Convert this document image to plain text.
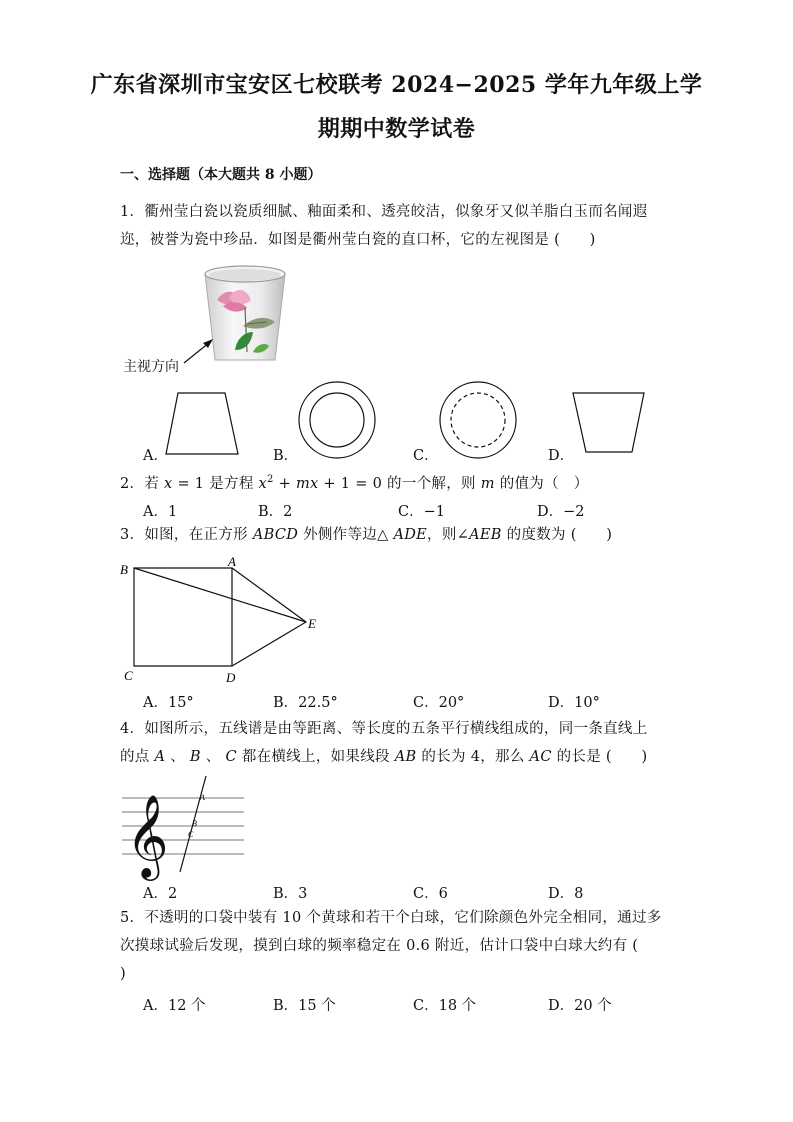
广东省深圳市宝安区七校联考 2024−2025 学年九年级上学
期期中数学试卷
一、选择题（本大题共 8 小题）
1．衢州莹白瓷以瓷质细腻、釉面柔和、透亮皎洁，似象牙又似羊脂白玉而名闻遐
迩，被誉为瓷中珍品．如图是衢州莹白瓷的直口杯，它的左视图是 (　　)
主视方向
A．	B．	C．	D．
2．若 x = 1 是方程 $x^2$ + mx + 1 = 0 的一个解，则 m 的值为（　）
A．1	B．2	C．−1	D．−2
3．如图，在正方形 ABCD 外侧作等边△ ADE，则∠AEB 的度数为 (　　)
B
A
E
C	D
A．15°	B．22.5°	C．20°	D．10°
4．如图所示，五线谱是由等距离、等长度的五条平行横线组成的，同一条直线上
的点 A 、 B 、 C 都在横线上，如果线段 AB 的长为 4，那么 AC 的长是 (　　)
𝄞	A
B
C
A．2	B．3	C．6	D．8
5．不透明的口袋中装有 10 个黄球和若干个白球，它们除颜色外完全相同，通过多
次摸球试验后发现，摸到白球的频率稳定在 0.6 附近，估计口袋中白球大约有 (
)
A．12 个	B．15 个	C．18 个	D．20 个
